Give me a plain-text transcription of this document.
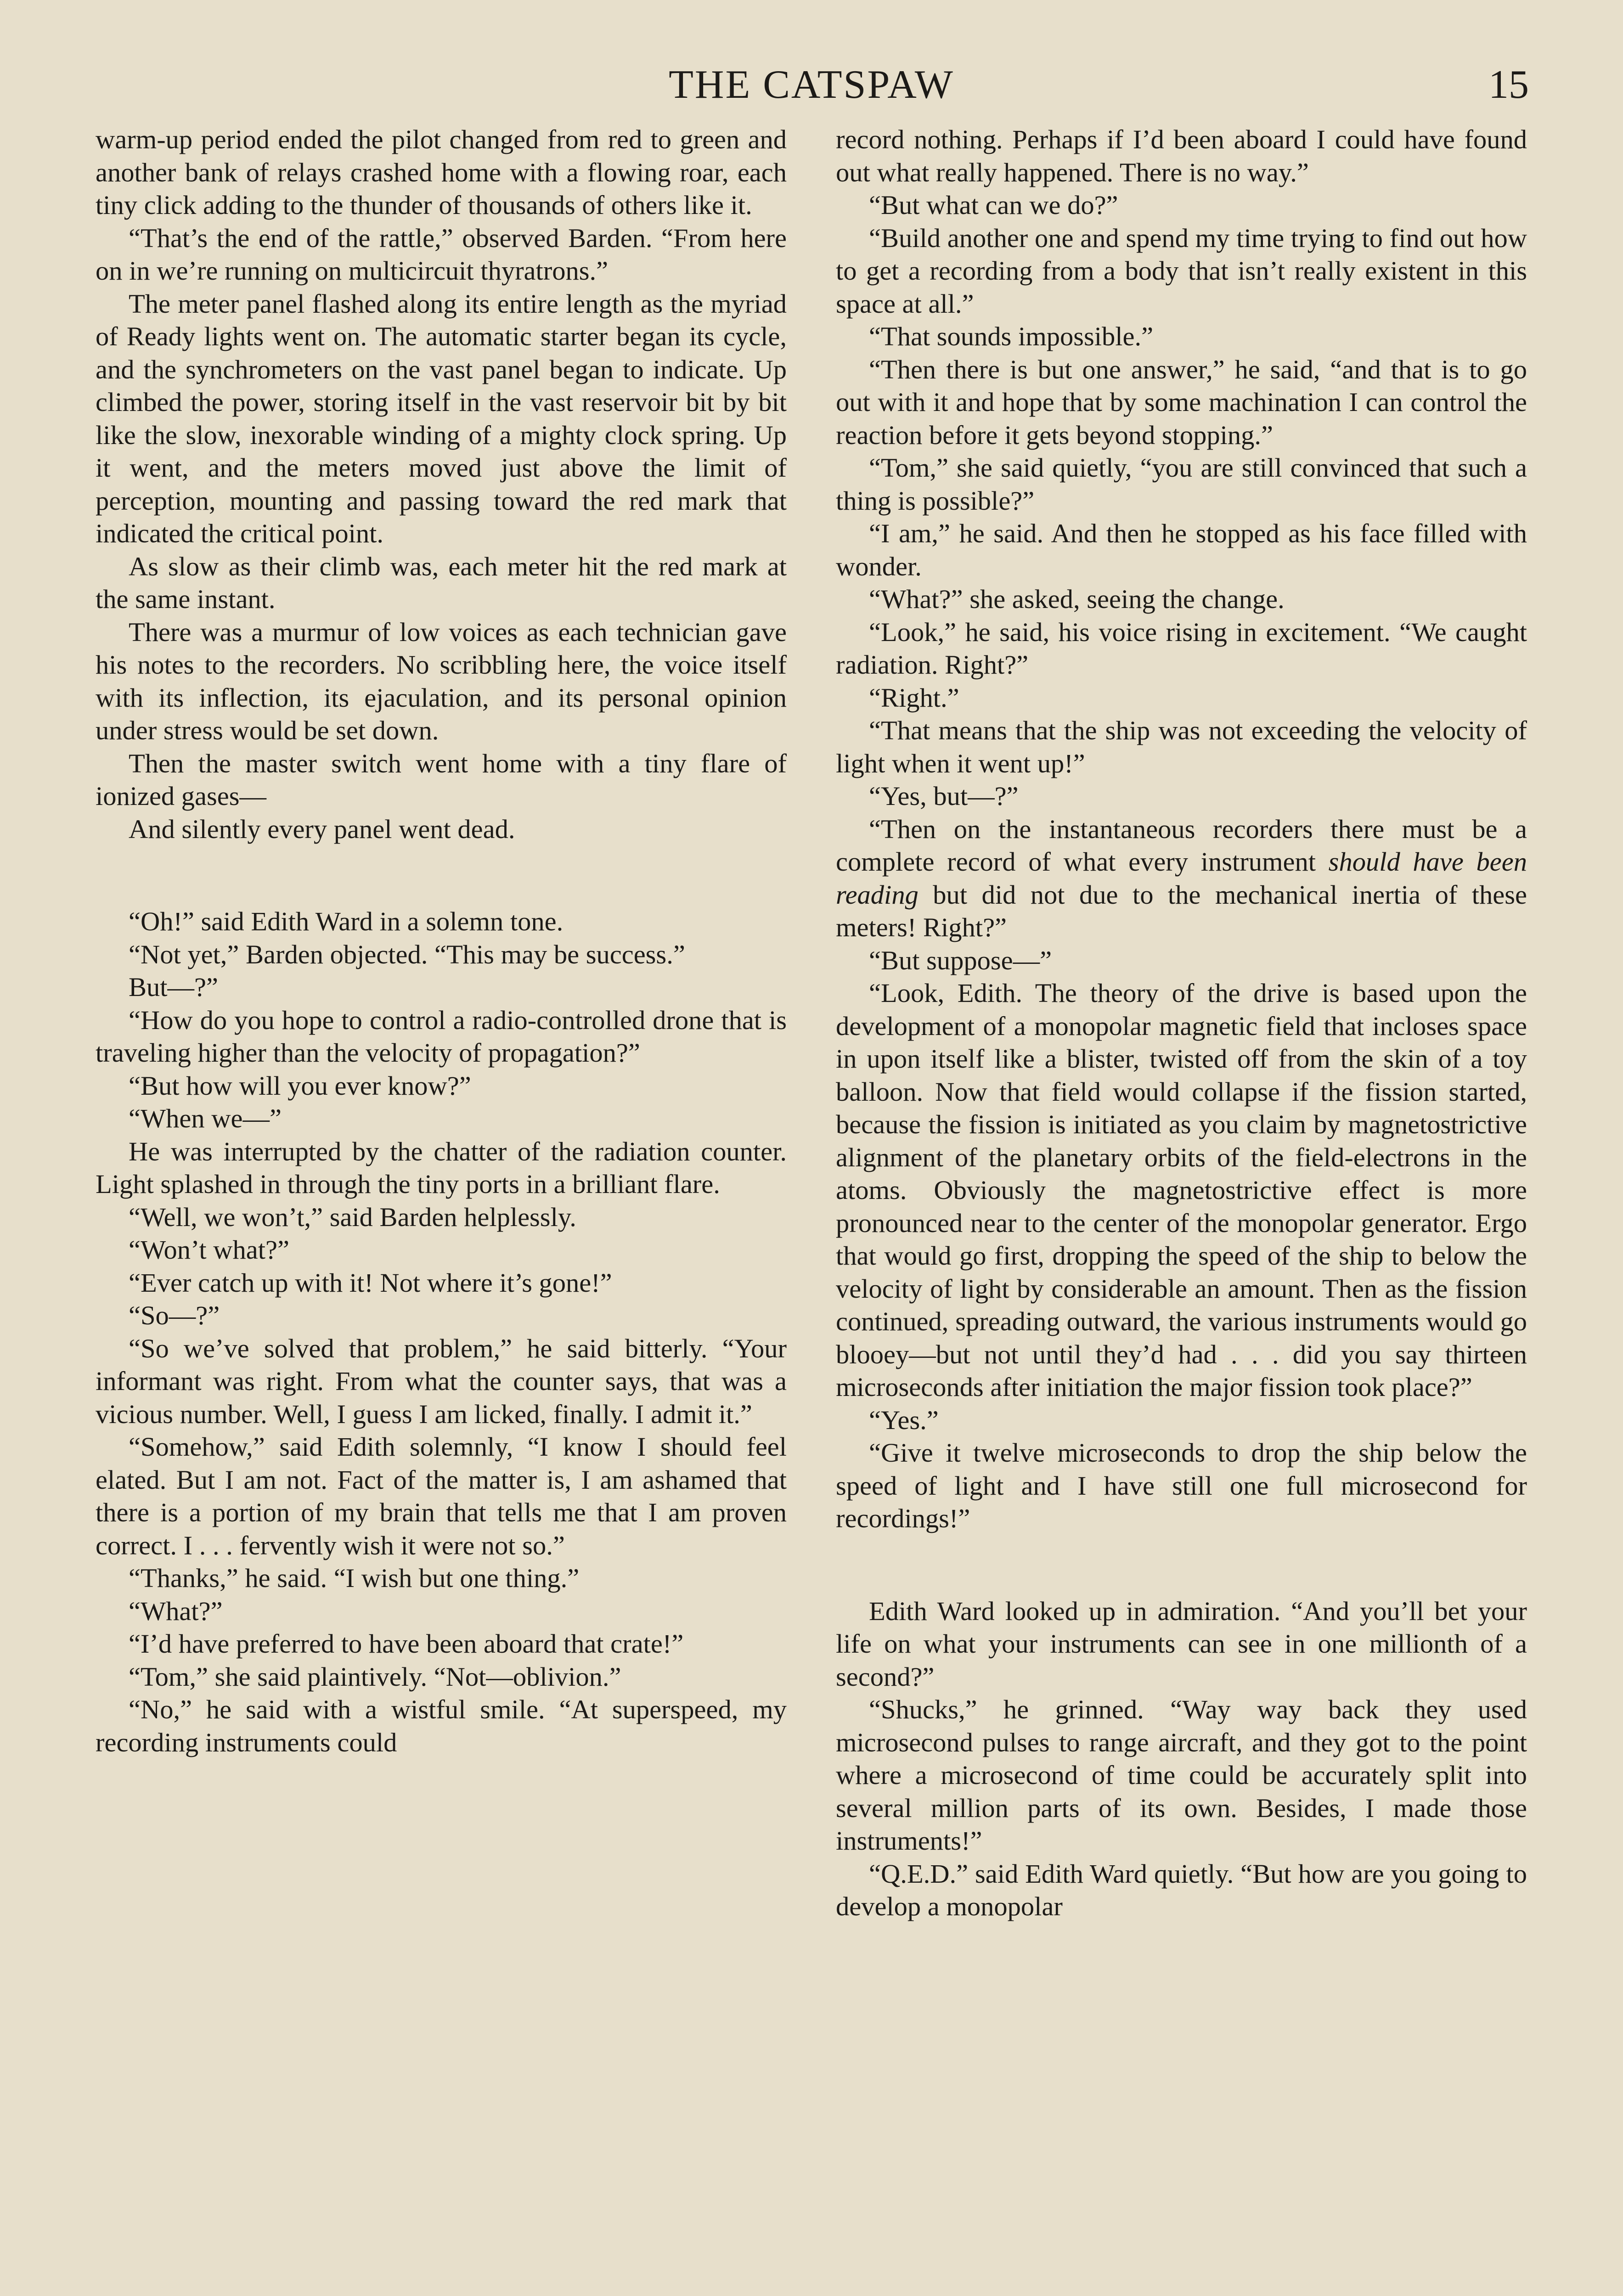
THE CATSPAW	15

warm-up period ended the pilot changed from red to green and another bank of relays crashed home with a flowing roar, each tiny click adding to the thunder of thousands of others like it.

“That’s the end of the rattle,” observed Barden. “From here on in we’re running on multicircuit thyratrons.”

The meter panel flashed along its entire length as the myriad of Ready lights went on. The automatic starter began its cycle, and the synchrometers on the vast panel began to indicate. Up climbed the power, storing itself in the vast reservoir bit by bit like the slow, inexorable winding of a mighty clock spring. Up it went, and the meters moved just above the limit of perception, mounting and passing toward the red mark that indicated the critical point.

As slow as their climb was, each meter hit the red mark at the same instant.

There was a murmur of low voices as each technician gave his notes to the recorders. No scribbling here, the voice itself with its inflection, its ejaculation, and its personal opinion under stress would be set down.

Then the master switch went home with a tiny flare of ionized gases—

And silently every panel went dead.

“Oh!” said Edith Ward in a solemn tone.

“Not yet,” Barden objected. “This may be success.”

But—?”

“How do you hope to control a radio-controlled drone that is traveling higher than the velocity of propagation?”

“But how will you ever know?”

“When we—”

He was interrupted by the chatter of the radiation counter. Light splashed in through the tiny ports in a brilliant flare.

“Well, we won’t,” said Barden helplessly.

“Won’t what?”

“Ever catch up with it! Not where it’s gone!”

“So—?”

“So we’ve solved that problem,” he said bitterly. “Your informant was right. From what the counter says, that was a vicious number. Well, I guess I am licked, finally. I admit it.”

“Somehow,” said Edith solemnly, “I know I should feel elated. But I am not. Fact of the matter is, I am ashamed that there is a portion of my brain that tells me that I am proven correct. I . . . fervently wish it were not so.”

“Thanks,” he said. “I wish but one thing.”

“What?”

“I’d have preferred to have been aboard that crate!”

“Tom,” she said plaintively. “Not—oblivion.”

“No,” he said with a wistful smile. “At superspeed, my recording instruments could

record nothing. Perhaps if I’d been aboard I could have found out what really happened. There is no way.”

“But what can we do?”

“Build another one and spend my time trying to find out how to get a recording from a body that isn’t really existent in this space at all.”

“That sounds impossible.”

“Then there is but one answer,” he said, “and that is to go out with it and hope that by some machination I can control the reaction before it gets beyond stopping.”

“Tom,” she said quietly, “you are still convinced that such a thing is possible?”

“I am,” he said. And then he stopped as his face filled with wonder.

“What?” she asked, seeing the change.

“Look,” he said, his voice rising in excitement. “We caught radiation. Right?”

“Right.”

“That means that the ship was not exceeding the velocity of light when it went up!”

“Yes, but—?”

“Then on the instantaneous recorders there must be a complete record of what every instrument should have been reading but did not due to the mechanical inertia of these meters! Right?”

“But suppose—”

“Look, Edith. The theory of the drive is based upon the development of a monopolar magnetic field that incloses space in upon itself like a blister, twisted off from the skin of a toy balloon. Now that field would collapse if the fission started, because the fission is initiated as you claim by magnetostrictive alignment of the planetary orbits of the field-electrons in the atoms. Obviously the magnetostrictive effect is more pronounced near to the center of the monopolar generator. Ergo that would go first, dropping the speed of the ship to below the velocity of light by considerable an amount. Then as the fission continued, spreading outward, the various instruments would go blooey—but not until they’d had . . . did you say thirteen microseconds after initiation the major fission took place?”

“Yes.”

“Give it twelve microseconds to drop the ship below the speed of light and I have still one full microsecond for recordings!”

Edith Ward looked up in admiration. “And you’ll bet your life on what your instruments can see in one millionth of a second?”

“Shucks,” he grinned. “Way way back they used microsecond pulses to range aircraft, and they got to the point where a microsecond of time could be accurately split into several million parts of its own. Besides, I made those instruments!”

“Q.E.D.” said Edith Ward quietly. “But how are you going to develop a monopolar
